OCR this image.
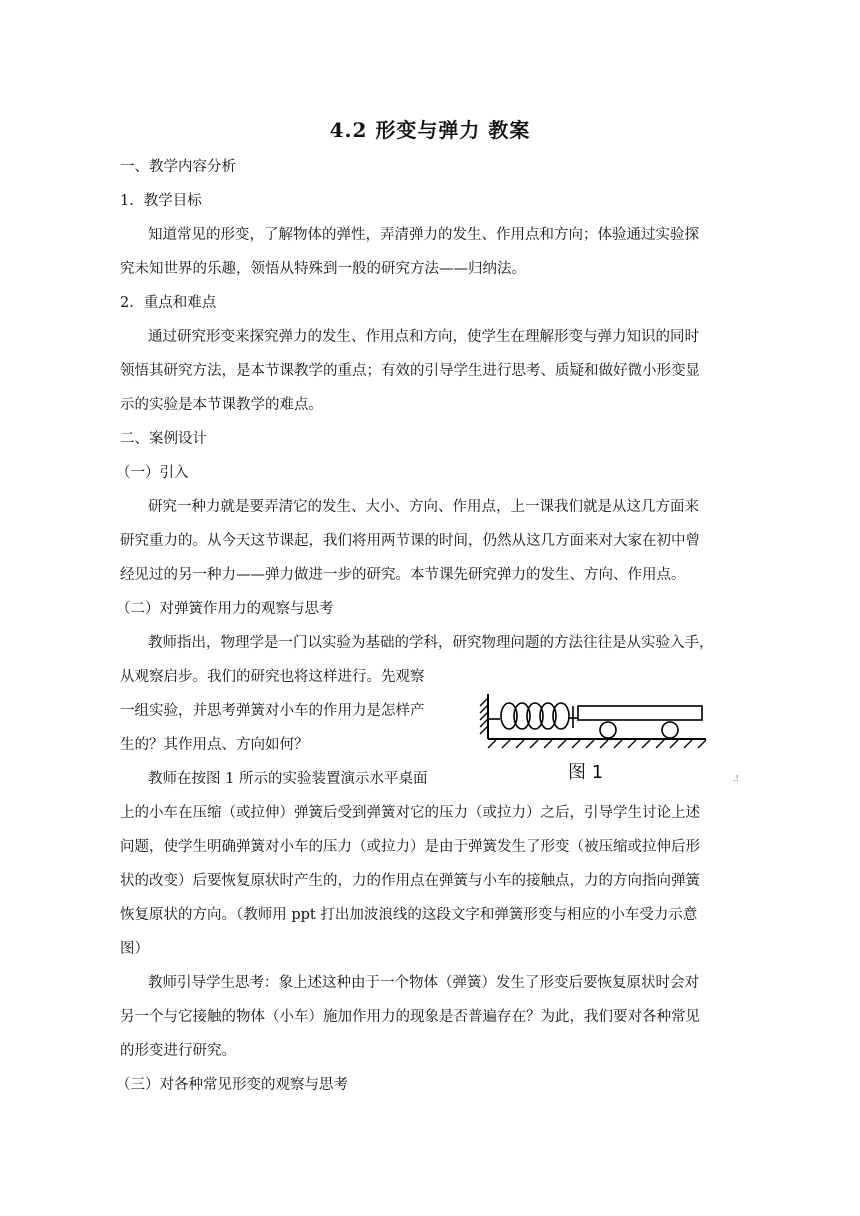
4.2 形变与弹力 教案
一、教学内容分析
1．教学目标
知道常见的形变，了解物体的弹性，弄清弹力的发生、作用点和方向；体验通过实验探
究未知世界的乐趣，领悟从特殊到一般的研究方法——归纳法。
2．重点和难点
通过研究形变来探究弹力的发生、作用点和方向，使学生在理解形变与弹力知识的同时
领悟其研究方法，是本节课教学的重点；有效的引导学生进行思考、质疑和做好微小形变显
示的实验是本节课教学的难点。
二、案例设计
（一）引入
研究一种力就是要弄清它的发生、大小、方向、作用点，上一课我们就是从这几方面来
研究重力的。从今天这节课起，我们将用两节课的时间，仍然从这几方面来对大家在初中曾
经见过的另一种力——弹力做进一步的研究。本节课先研究弹力的发生、方向、作用点。
（二）对弹簧作用力的观察与思考
教师指出，物理学是一门以实验为基础的学科，研究物理问题的方法往往是从实验入手，
从观察启步。我们的研究也将这样进行。先观察
一组实验，并思考弹簧对小车的作用力是怎样产
生的？其作用点、方向如何？
教师在按图 1 所示的实验装置演示水平桌面
上的小车在压缩（或拉伸）弹簧后受到弹簧对它的压力（或拉力）之后，引导学生讨论上述
问题，使学生明确弹簧对小车的压力（或拉力）是由于弹簧发生了形变（被压缩或拉伸后形
状的改变）后要恢复原状时产生的，力的作用点在弹簧与小车的接触点，力的方向指向弹簧
恢复原状的方向。（教师用 ppt 打出加波浪线的这段文字和弹簧形变与相应的小车受力示意
图）
教师引导学生思考：象上述这种由于一个物体（弹簧）发生了形变后要恢复原状时会对
另一个与它接触的物体（小车）施加作用力的现象是否普遍存在？为此，我们要对各种常见
的形变进行研究。
（三）对各种常见形变的观察与思考
图 1	.!
